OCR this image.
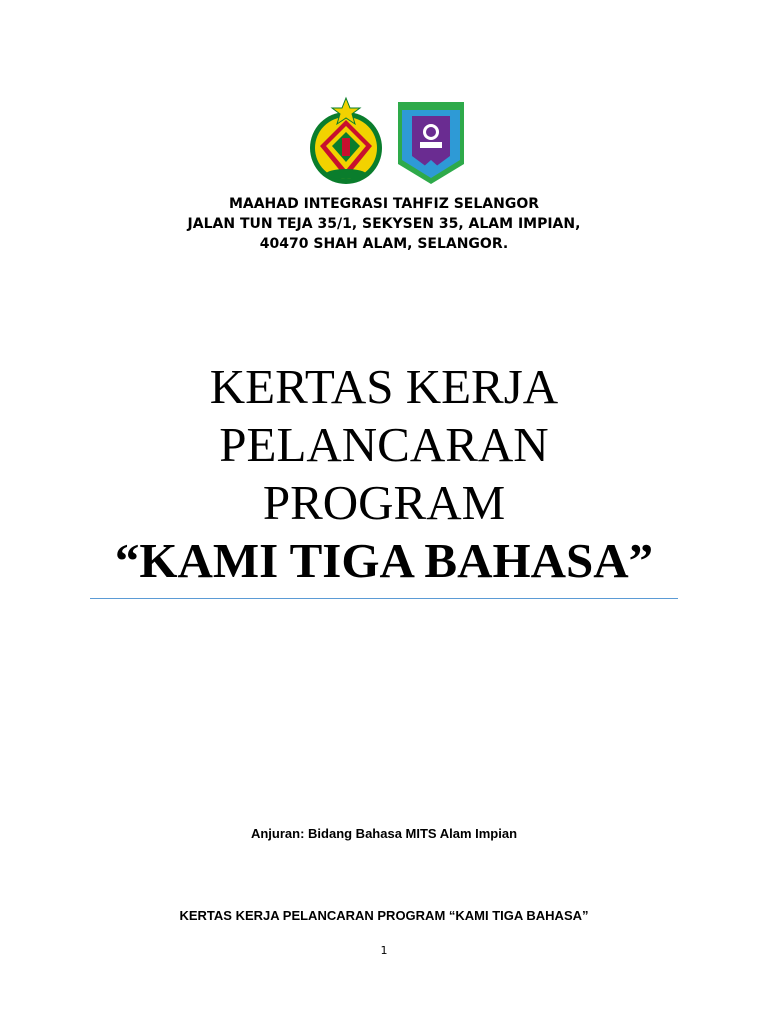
MAAHAD INTEGRASI TAHFIZ SELANGOR
JALAN TUN TEJA 35/1, SEKYSEN 35, ALAM IMPIAN,
40470 SHAH ALAM, SELANGOR.
KERTAS KERJA
PELANCARAN
PROGRAM
“KAMI TIGA BAHASA”
Anjuran: Bidang Bahasa MITS Alam Impian
KERTAS KERJA PELANCARAN PROGRAM “KAMI TIGA BAHASA”
1
